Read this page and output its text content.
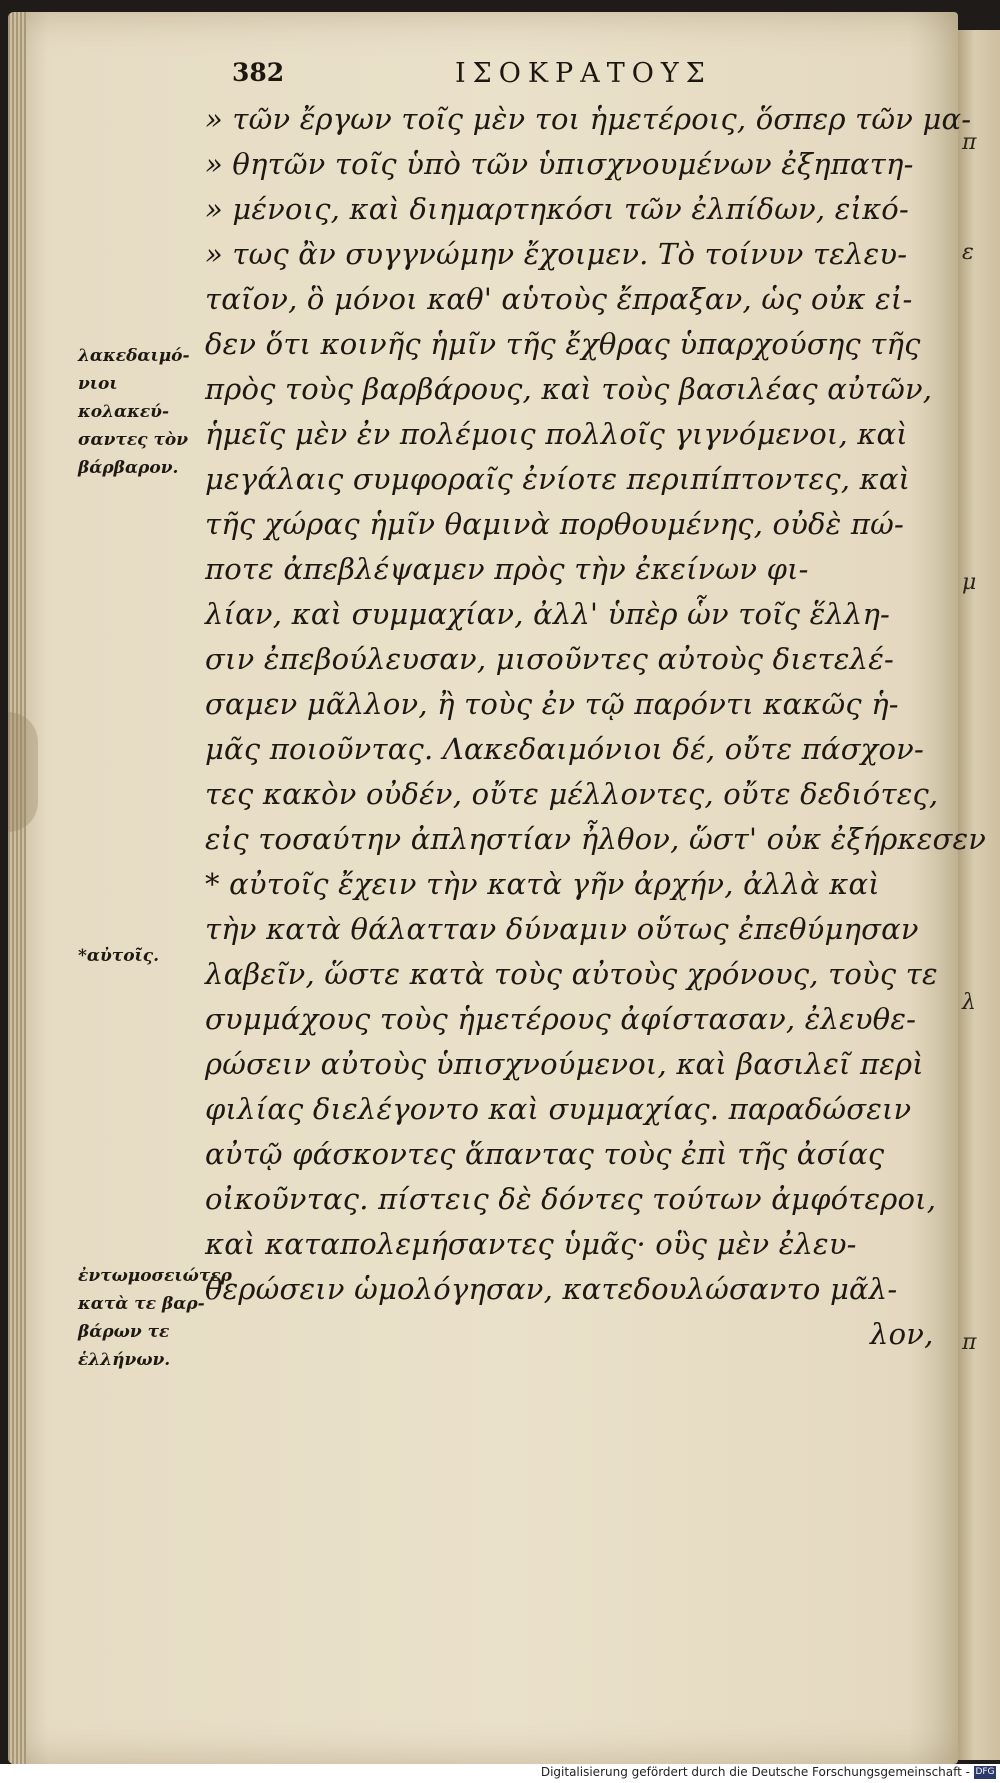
π
ε
μ
λ
π
382	ΙΣΟΚΡΑΤΟΥΣ
» τῶν ἔργων τοῖς μὲν τοι ἡμετέροις, ὅσπερ τῶν μα-
» θητῶν τοῖς ὑπὸ τῶν ὑπισχνουμένων ἐξηπατη-
» μένοις, καὶ διημαρτηκόσι τῶν ἐλπίδων, εἰκό-
» τως ἂν συγγνώμην ἔχοιμεν. Τὸ τοίνυν τελευ-
ταῖον, ὃ μόνοι καθ' αὑτοὺς ἔπραξαν, ὡς οὐκ εἰ-
δεν ὅτι κοινῆς ἡμῖν τῆς ἔχθρας ὑπαρχούσης τῆς
πρὸς τοὺς βαρβάρους, καὶ τοὺς βασιλέας αὐτῶν,
ἡμεῖς μὲν ἐν πολέμοις πολλοῖς γιγνόμενοι, καὶ
μεγάλαις συμφοραῖς ἐνίοτε περιπίπτοντες, καὶ
τῆς χώρας ἡμῖν θαμινὰ πορθουμένης, οὐδὲ πώ-
ποτε ἀπεβλέψαμεν πρὸς τὴν ἐκείνων φι-
λίαν, καὶ συμμαχίαν, ἀλλ' ὑπὲρ ὧν τοῖς ἕλλη-
σιν ἐπεβούλευσαν, μισοῦντες αὐτοὺς διετελέ-
σαμεν μᾶλλον, ἢ τοὺς ἐν τῷ παρόντι κακῶς ἡ-
μᾶς ποιοῦντας. Λακεδαιμόνιοι δέ, οὔτε πάσχον-
τες κακὸν οὐδέν, οὔτε μέλλοντες, οὔτε δεδιότες,
εἰς τοσαύτην ἀπληστίαν ἦλθον, ὥστ' οὐκ ἐξήρκεσεν
* αὐτοῖς ἔχειν τὴν κατὰ γῆν ἀρχήν, ἀλλὰ καὶ
τὴν κατὰ θάλατταν δύναμιν οὕτως ἐπεθύμησαν
λαβεῖν, ὥστε κατὰ τοὺς αὐτοὺς χρόνους, τοὺς τε
συμμάχους τοὺς ἡμετέρους ἀφίστασαν, ἐλευθε-
ρώσειν αὐτοὺς ὑπισχνούμενοι, καὶ βασιλεῖ περὶ
φιλίας διελέγοντο καὶ συμμαχίας. παραδώσειν
αὐτῷ φάσκοντες ἅπαντας τοὺς ἐπὶ τῆς ἀσίας
οἰκοῦντας. πίστεις δὲ δόντες τούτων ἀμφότεροι,
καὶ καταπολεμήσαντες ὑμᾶς· οὓς μὲν ἐλευ-
θερώσειν ὡμολόγησαν, κατεδουλώσαντο μᾶλ-
λον,
λακεδαιμό-
νιοι κολακεύ-
σαντες τὸν
βάρβαρον.
*αὐτοῖς.
ἐντωμοσειώτερ
κατὰ τε βαρ-
βάρων τε
ἑλλήνων.
Digitalisierung gefördert durch die Deutsche Forschungsgemeinschaft - DFG
